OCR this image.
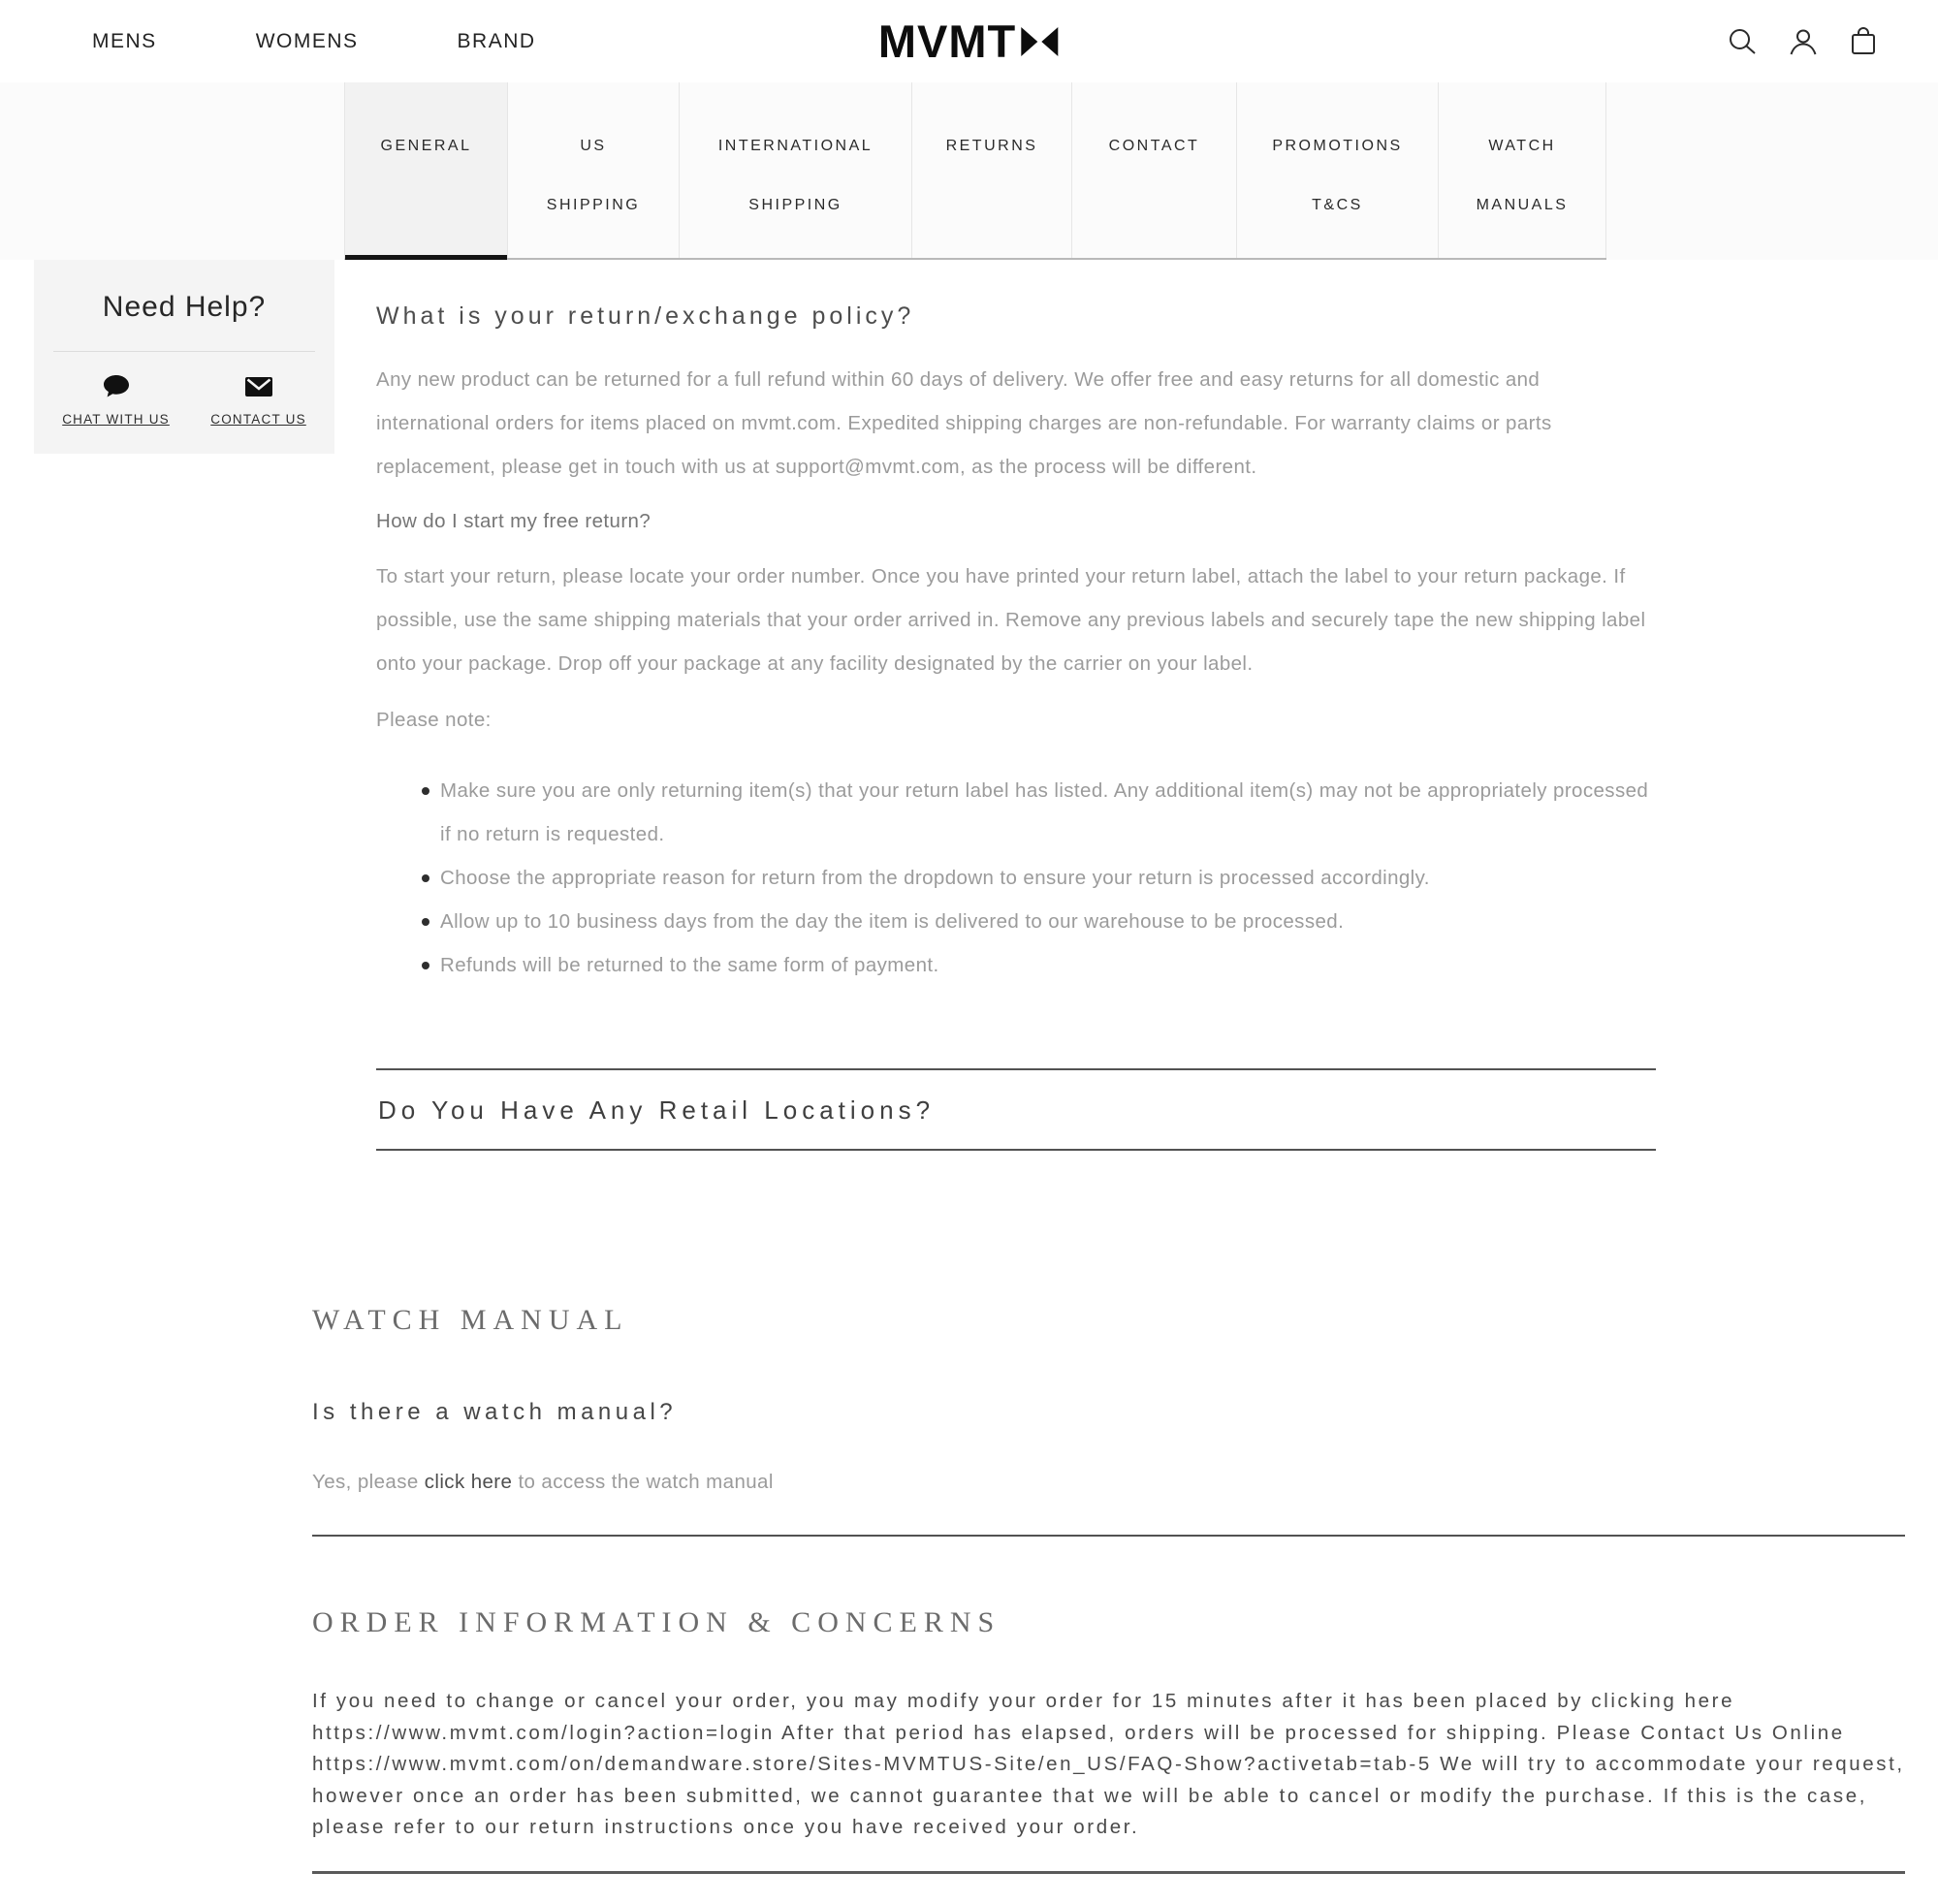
MENS	WOMENS	BRAND	MVMT
GENERAL	US
SHIPPING
INTERNATIONAL
SHIPPING
RETURNS	CONTACT	PROMOTIONS
T&CS
WATCH
MANUALS
Need Help?
CHAT WITH US	CONTACT US
What is your return/exchange policy?

Any new product can be returned for a full refund within 60 days of delivery. We offer free and easy returns for all domestic and international orders for items placed on mvmt.com. Expedited shipping charges are non-refundable. For warranty claims or parts replacement, please get in touch with us at support@mvmt.com, as the process will be different.

How do I start my free return?

To start your return, please locate your order number. Once you have printed your return label, attach the label to your return package. If possible, use the same shipping materials that your order arrived in. Remove any previous labels and securely tape the new shipping label onto your package. Drop off your package at any facility designated by the carrier on your label.

Please note:

Make sure you are only returning item(s) that your return label has listed. Any additional item(s) may not be appropriately processed if no return is requested.
Choose the appropriate reason for return from the dropdown to ensure your return is processed accordingly.
Allow up to 10 business days from the day the item is delivered to our warehouse to be processed.
Refunds will be returned to the same form of payment.
Do You Have Any Retail Locations?
WATCH MANUAL
Is there a watch manual?

Yes, please click here to access the watch manual

ORDER INFORMATION & CONCERNS

If you need to change or cancel your order, you may modify your order for 15 minutes after it has been placed by clicking here https://www.mvmt.com/login?action=login After that period has elapsed, orders will be processed for shipping. Please Contact Us Online https://www.mvmt.com/on/demandware.store/Sites-MVMTUS-Site/en_US/FAQ-Show?activetab=tab-5 We will try to accommodate your request, however once an order has been submitted, we cannot guarantee that we will be able to cancel or modify the purchase. If this is the case, please refer to our return instructions once you have received your order.
